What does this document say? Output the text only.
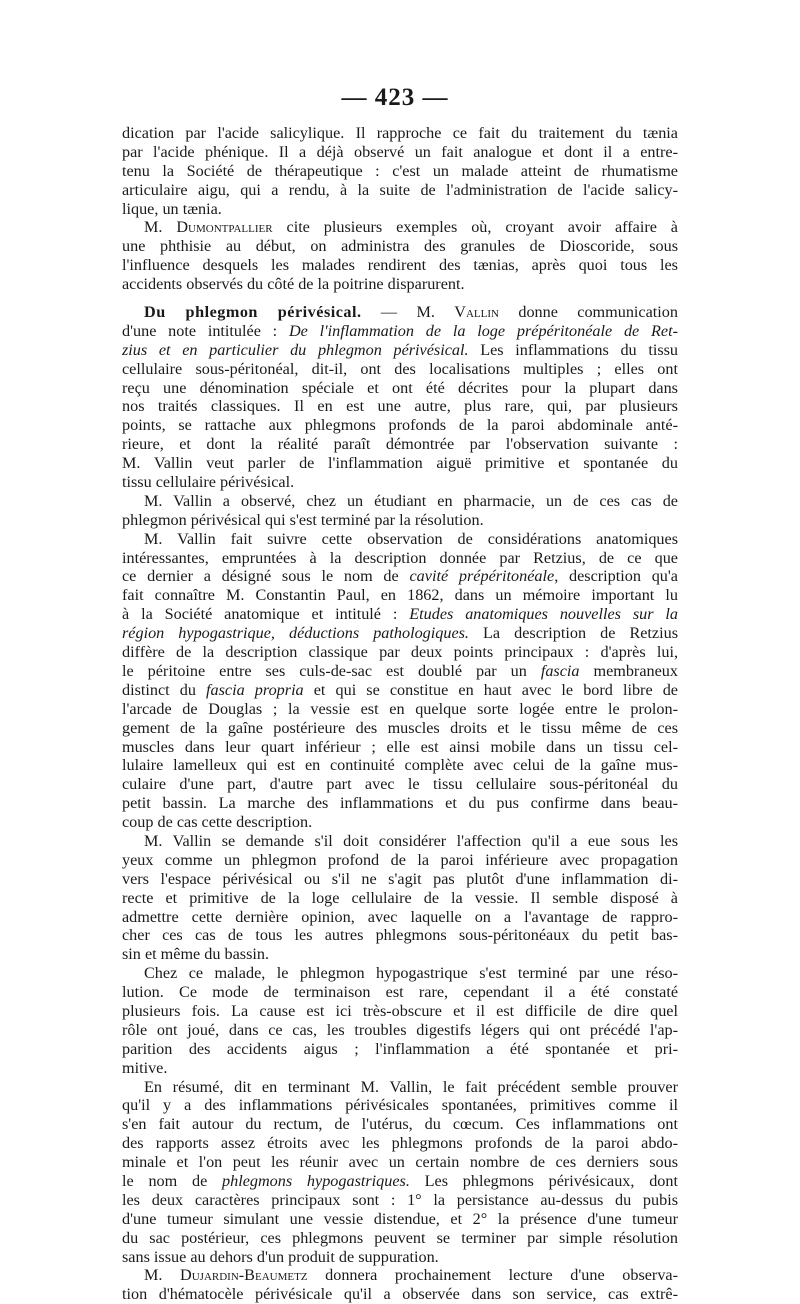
— 423 —
dication par l'acide salicylique. Il rapproche ce fait du traitement du tænia
par l'acide phénique. Il a déjà observé un fait analogue et dont il a entre-
tenu la Société de thérapeutique : c'est un malade atteint de rhumatisme
articulaire aigu, qui a rendu, à la suite de l'administration de l'acide salicy-
lique, un tænia.
M. Dumontpallier cite plusieurs exemples où, croyant avoir affaire à
une phthisie au début, on administra des granules de Dioscoride, sous
l'influence desquels les malades rendirent des tænias, après quoi tous les
accidents observés du côté de la poitrine disparurent.
Du phlegmon périvésical. — M. Vallin donne communication
d'une note intitulée : De l'inflammation de la loge prépéritonéale de Ret-
zius et en particulier du phlegmon périvésical. Les inflammations du tissu
cellulaire sous-péritonéal, dit-il, ont des localisations multiples ; elles ont
reçu une dénomination spéciale et ont été décrites pour la plupart dans
nos traités classiques. Il en est une autre, plus rare, qui, par plusieurs
points, se rattache aux phlegmons profonds de la paroi abdominale anté-
rieure, et dont la réalité paraît démontrée par l'observation suivante :
M. Vallin veut parler de l'inflammation aiguë primitive et spontanée du
tissu cellulaire périvésical.
M. Vallin a observé, chez un étudiant en pharmacie, un de ces cas de
phlegmon périvésical qui s'est terminé par la résolution.
M. Vallin fait suivre cette observation de considérations anatomiques
intéressantes, empruntées à la description donnée par Retzius, de ce que
ce dernier a désigné sous le nom de cavité prépéritonéale, description qu'a
fait connaître M. Constantin Paul, en 1862, dans un mémoire important lu
à la Société anatomique et intitulé : Etudes anatomiques nouvelles sur la
région hypogastrique, déductions pathologiques. La description de Retzius
diffère de la description classique par deux points principaux : d'après lui,
le péritoine entre ses culs-de-sac est doublé par un fascia membraneux
distinct du fascia propria et qui se constitue en haut avec le bord libre de
l'arcade de Douglas ; la vessie est en quelque sorte logée entre le prolon-
gement de la gaîne postérieure des muscles droits et le tissu même de ces
muscles dans leur quart inférieur ; elle est ainsi mobile dans un tissu cel-
lulaire lamelleux qui est en continuité complète avec celui de la gaîne mus-
culaire d'une part, d'autre part avec le tissu cellulaire sous-péritonéal du
petit bassin. La marche des inflammations et du pus confirme dans beau-
coup de cas cette description.
M. Vallin se demande s'il doit considérer l'affection qu'il a eue sous les
yeux comme un phlegmon profond de la paroi inférieure avec propagation
vers l'espace périvésical ou s'il ne s'agit pas plutôt d'une inflammation di-
recte et primitive de la loge cellulaire de la vessie. Il semble disposé à
admettre cette dernière opinion, avec laquelle on a l'avantage de rappro-
cher ces cas de tous les autres phlegmons sous-péritonéaux du petit bas-
sin et même du bassin.
Chez ce malade, le phlegmon hypogastrique s'est terminé par une réso-
lution. Ce mode de terminaison est rare, cependant il a été constaté
plusieurs fois. La cause est ici très-obscure et il est difficile de dire quel
rôle ont joué, dans ce cas, les troubles digestifs légers qui ont précédé l'ap-
parition des accidents aigus ; l'inflammation a été spontanée et pri-
mitive.
En résumé, dit en terminant M. Vallin, le fait précédent semble prouver
qu'il y a des inflammations périvésicales spontanées, primitives comme il
s'en fait autour du rectum, de l'utérus, du cœcum. Ces inflammations ont
des rapports assez étroits avec les phlegmons profonds de la paroi abdo-
minale et l'on peut les réunir avec un certain nombre de ces derniers sous
le nom de phlegmons hypogastriques. Les phlegmons périvésicaux, dont
les deux caractères principaux sont : 1° la persistance au-dessus du pubis
d'une tumeur simulant une vessie distendue, et 2° la présence d'une tumeur
du sac postérieur, ces phlegmons peuvent se terminer par simple résolution
sans issue au dehors d'un produit de suppuration.
M. Dujardin-Beaumetz donnera prochainement lecture d'une observa-
tion d'hématocèle périvésicale qu'il a observée dans son service, cas extrê-
